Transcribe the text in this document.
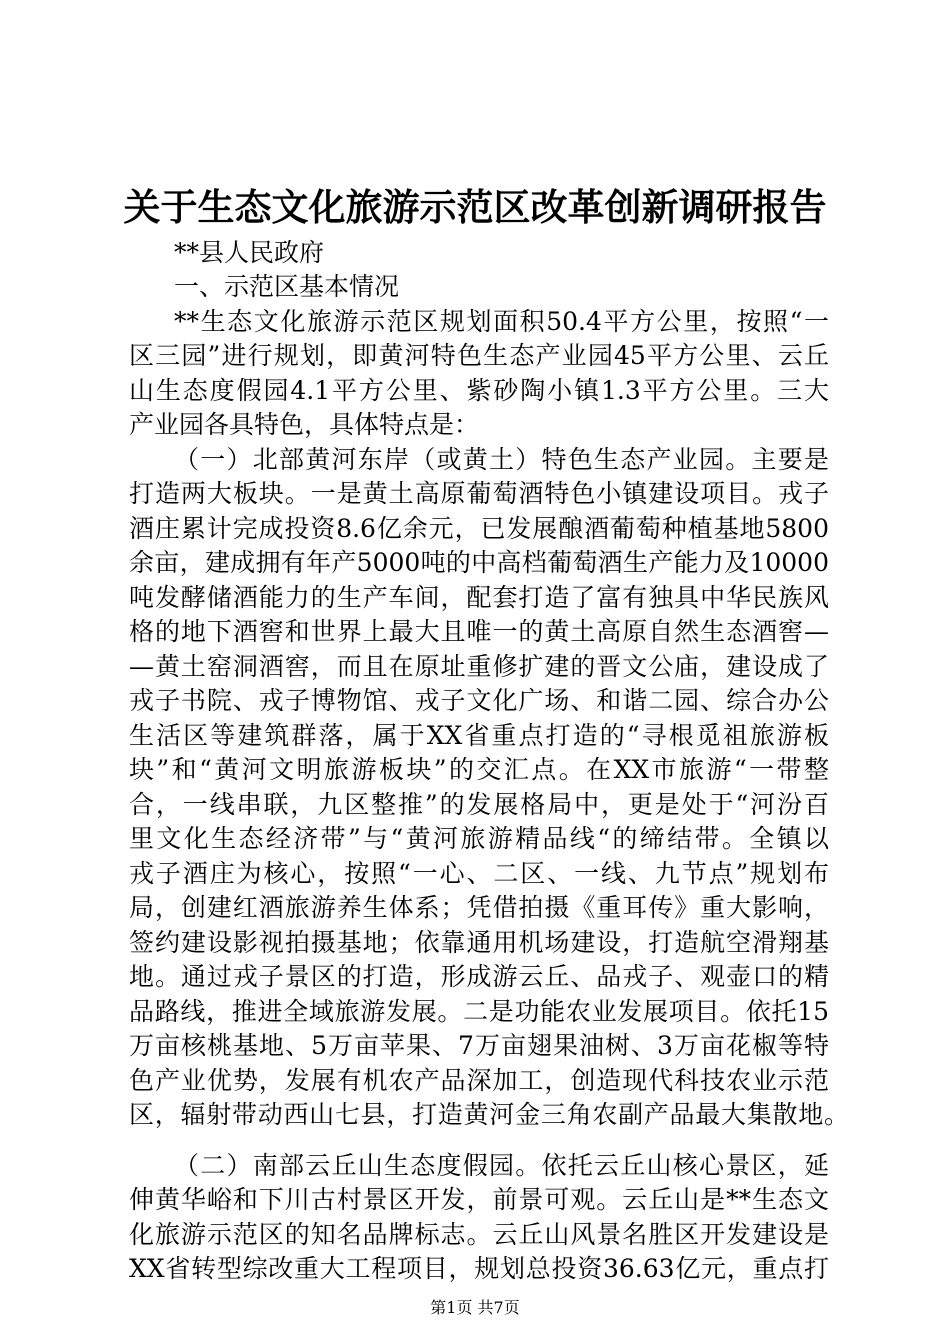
关于生态文化旅游示范区改革创新调研报告

**县人民政府

一、示范区基本情况

**生态文化旅游示范区规划面积50.4平方公里，按照“一

区三园”进行规划，即黄河特色生态产业园45平方公里、云丘

山生态度假园4.1平方公里、紫砂陶小镇1.3平方公里。三大

产业园各具特色，具体特点是：

（一）北部黄河东岸（或黄土）特色生态产业园。主要是

打造两大板块。一是黄土高原葡萄酒特色小镇建设项目。戎子

酒庄累计完成投资8.6亿余元，已发展酿酒葡萄种植基地5800

余亩，建成拥有年产5000吨的中高档葡萄酒生产能力及10000

吨发酵储酒能力的生产车间，配套打造了富有独具中华民族风

格的地下酒窖和世界上最大且唯一的黄土高原自然生态酒窖—

—黄土窑洞酒窖，而且在原址重修扩建的晋文公庙，建设成了

戎子书院、戎子博物馆、戎子文化广场、和谐二园、综合办公

生活区等建筑群落，属于XX省重点打造的“寻根觅祖旅游板

块”和“黄河文明旅游板块”的交汇点。在XX市旅游“一带整

合，一线串联，九区整推”的发展格局中，更是处于“河汾百

里文化生态经济带”与“黄河旅游精品线“的缔结带。全镇以

戎子酒庄为核心，按照“一心、二区、一线、九节点”规划布

局，创建红酒旅游养生体系；凭借拍摄《重耳传》重大影响，

签约建设影视拍摄基地；依靠通用机场建设，打造航空滑翔基

地。通过戎子景区的打造，形成游云丘、品戎子、观壶口的精

品路线，推进全域旅游发展。二是功能农业发展项目。依托15

万亩核桃基地、5万亩苹果、7万亩翅果油树、3万亩花椒等特

色产业优势，发展有机农产品深加工，创造现代科技农业示范

区，辐射带动西山七县，打造黄河金三角农副产品最大集散地。

（二）南部云丘山生态度假园。依托云丘山核心景区，延

伸黄华峪和下川古村景区开发，前景可观。云丘山是**生态文

化旅游示范区的知名品牌标志。云丘山风景名胜区开发建设是

XX省转型综改重大工程项目，规划总投资36.63亿元，重点打

第1页 共7页
